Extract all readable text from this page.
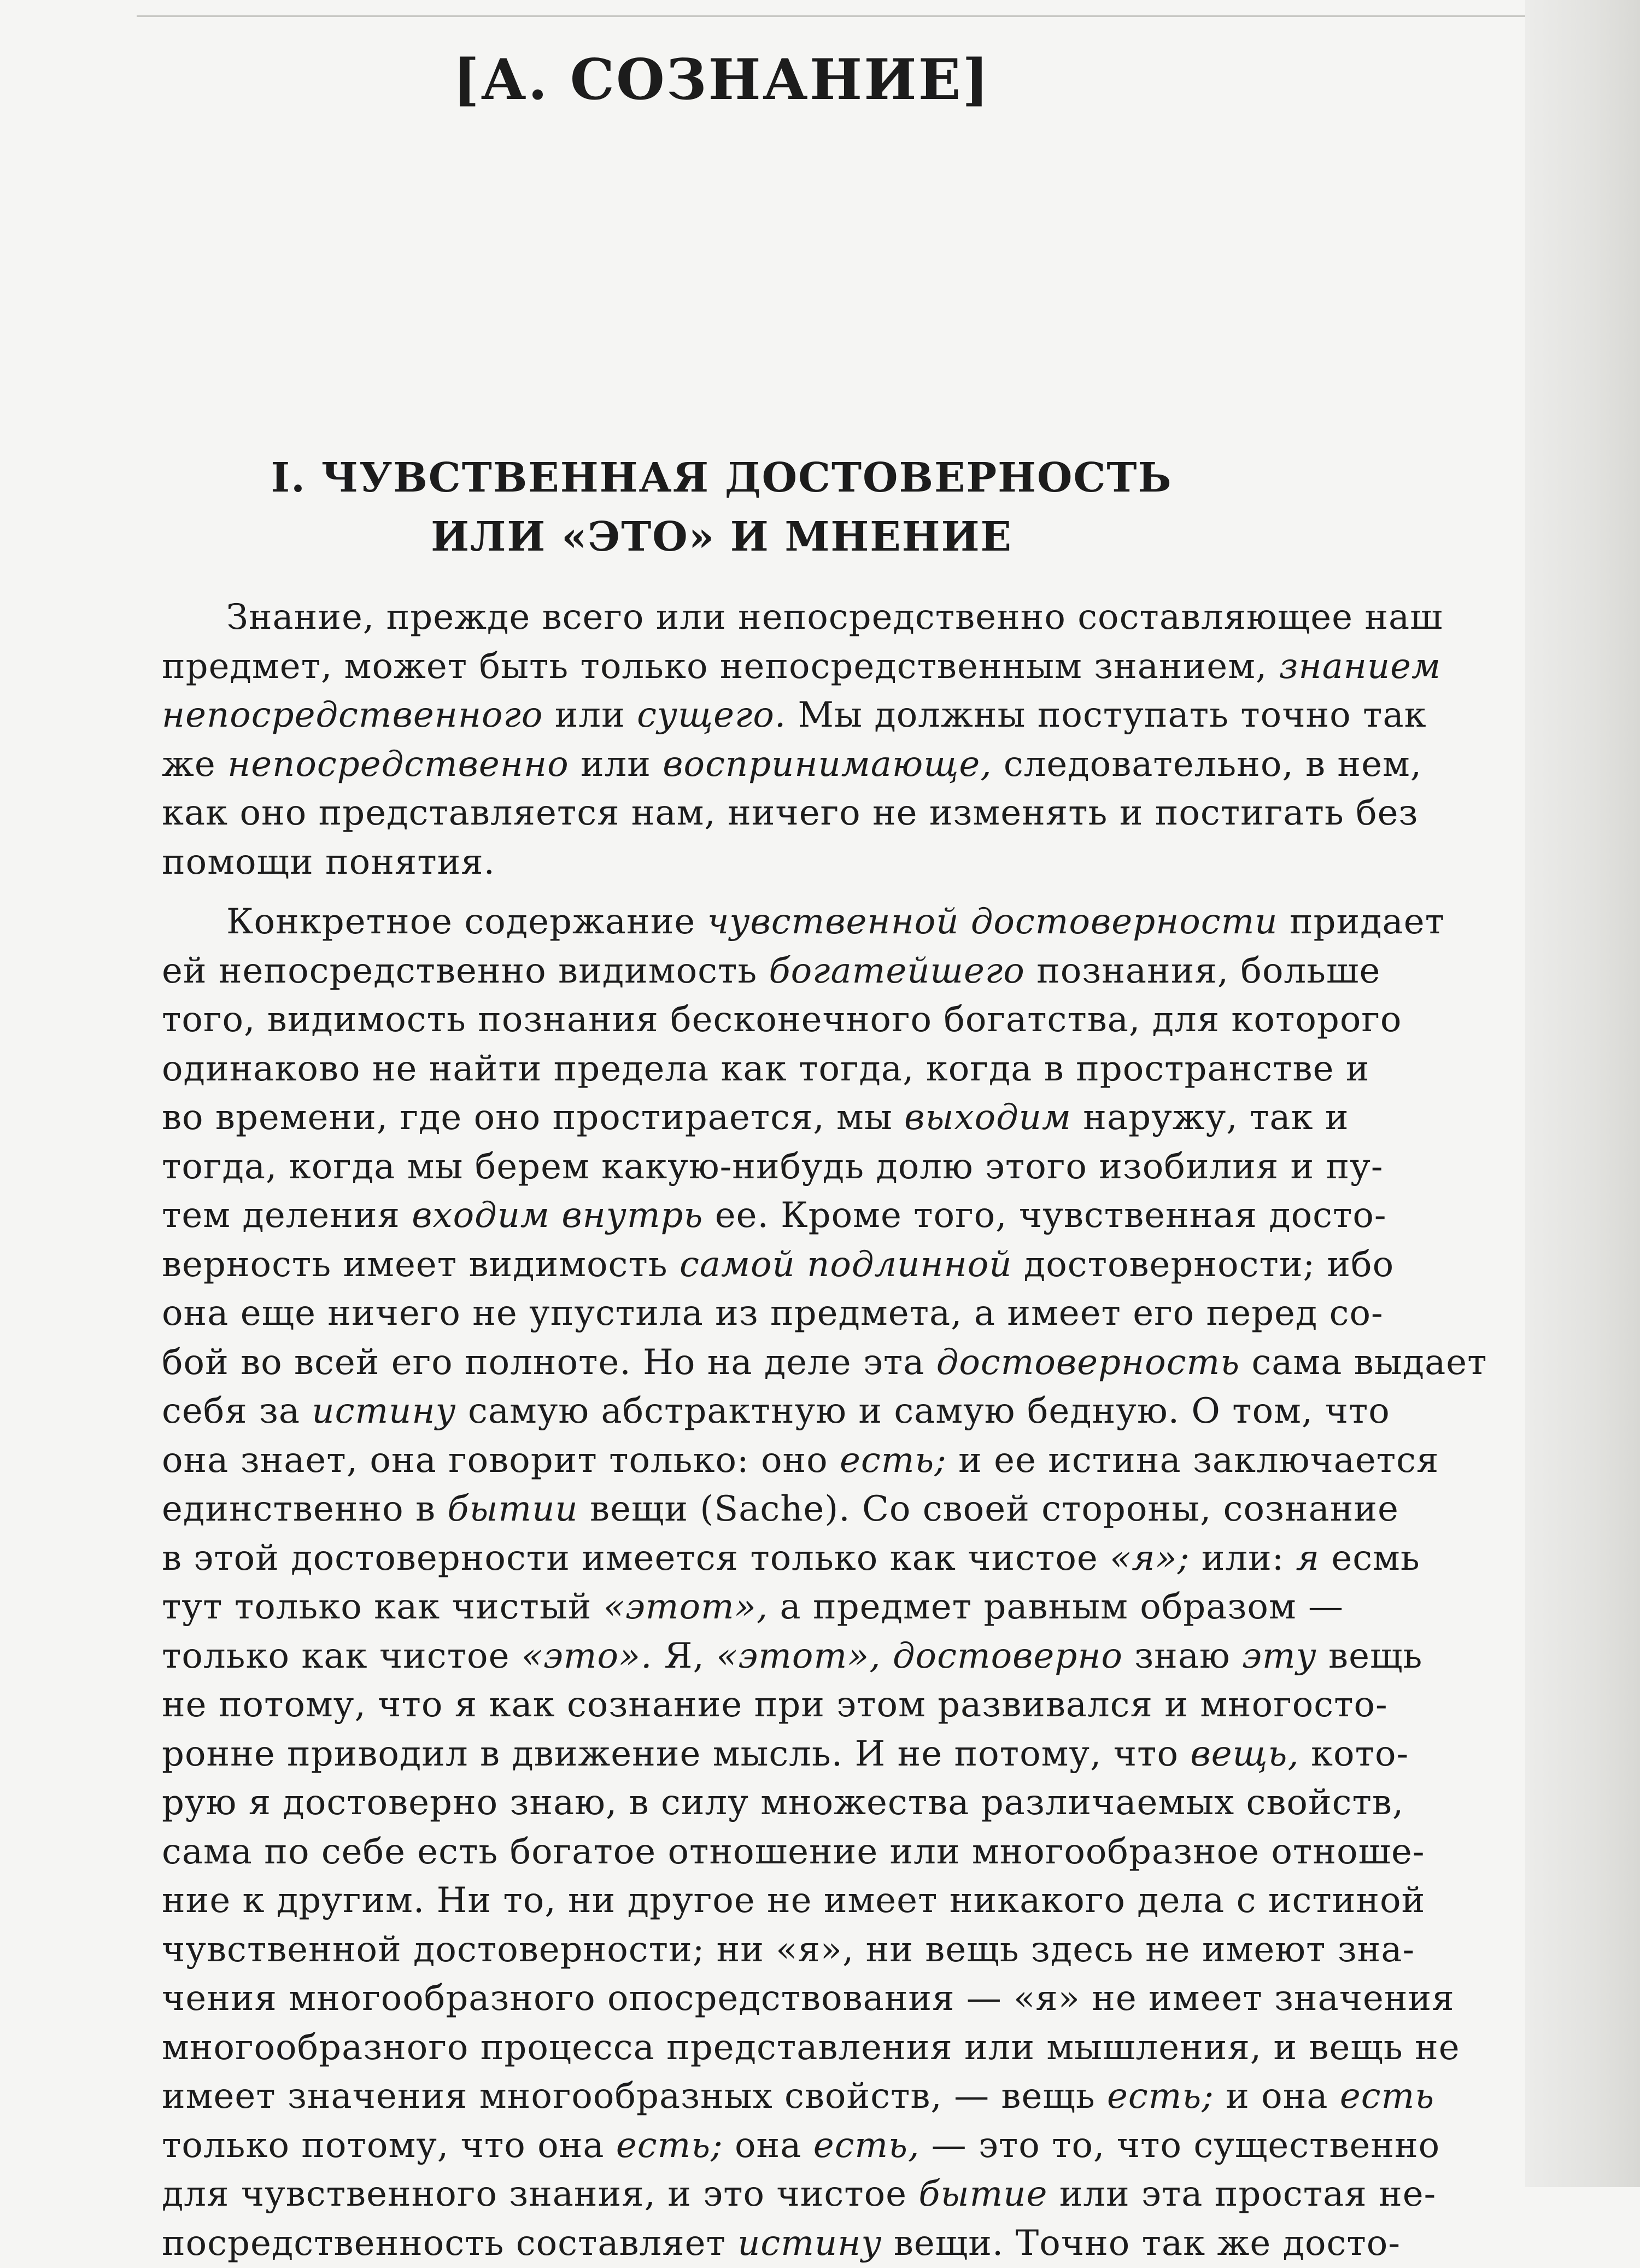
[А. СОЗНАНИЕ]
I. ЧУВСТВЕННАЯ ДОСТОВЕРНОСТЬ
ИЛИ «ЭТО» И МНЕНИЕ
Знание, прежде всего или непосредственно составляющее наш
предмет, может быть только непосредственным знанием, знанием
непосредственного или сущего. Мы должны поступать точно так
же непосредственно или воспринимающе, следовательно, в нем,
как оно представляется нам, ничего не изменять и постигать без
помощи понятия.
Конкретное содержание чувственной достоверности придает
ей непосредственно видимость богатейшего познания, больше
того, видимость познания бесконечного богатства, для которого
одинаково не найти предела как тогда, когда в пространстве и
во времени, где оно простирается, мы выходим наружу, так и
тогда, когда мы берем какую-нибудь долю этого изобилия и пу-
тем деления входим внутрь ее. Кроме того, чувственная досто-
верность имеет видимость самой подлинной достоверности; ибо
она еще ничего не упустила из предмета, а имеет его перед со-
бой во всей его полноте. Но на деле эта достоверность сама выдает
себя за истину самую абстрактную и самую бедную. О том, что
она знает, она говорит только: оно есть; и ее истина заключается
единственно в бытии вещи (Sache). Со своей стороны, сознание
в этой достоверности имеется только как чистое «я»; или: я есмь
тут только как чистый «этот», а предмет равным образом —
только как чистое «это». Я, «этот», достоверно знаю эту вещь
не потому, что я как сознание при этом развивался и многосто-
ронне приводил в движение мысль. И не потому, что вещь, кото-
рую я достоверно знаю, в силу множества различаемых свойств,
сама по себе есть богатое отношение или многообразное отноше-
ние к другим. Ни то, ни другое не имеет никакого дела с истиной
чувственной достоверности; ни «я», ни вещь здесь не имеют зна-
чения многообразного опосредствования — «я» не имеет значения
многообразного процесса представления или мышления, и вещь не
имеет значения многообразных свойств, — вещь есть; и она есть
только потому, что она есть; она есть, — это то, что существенно
для чувственного знания, и это чистое бытие или эта простая не-
посредственность составляет истину вещи. Точно так же досто-
